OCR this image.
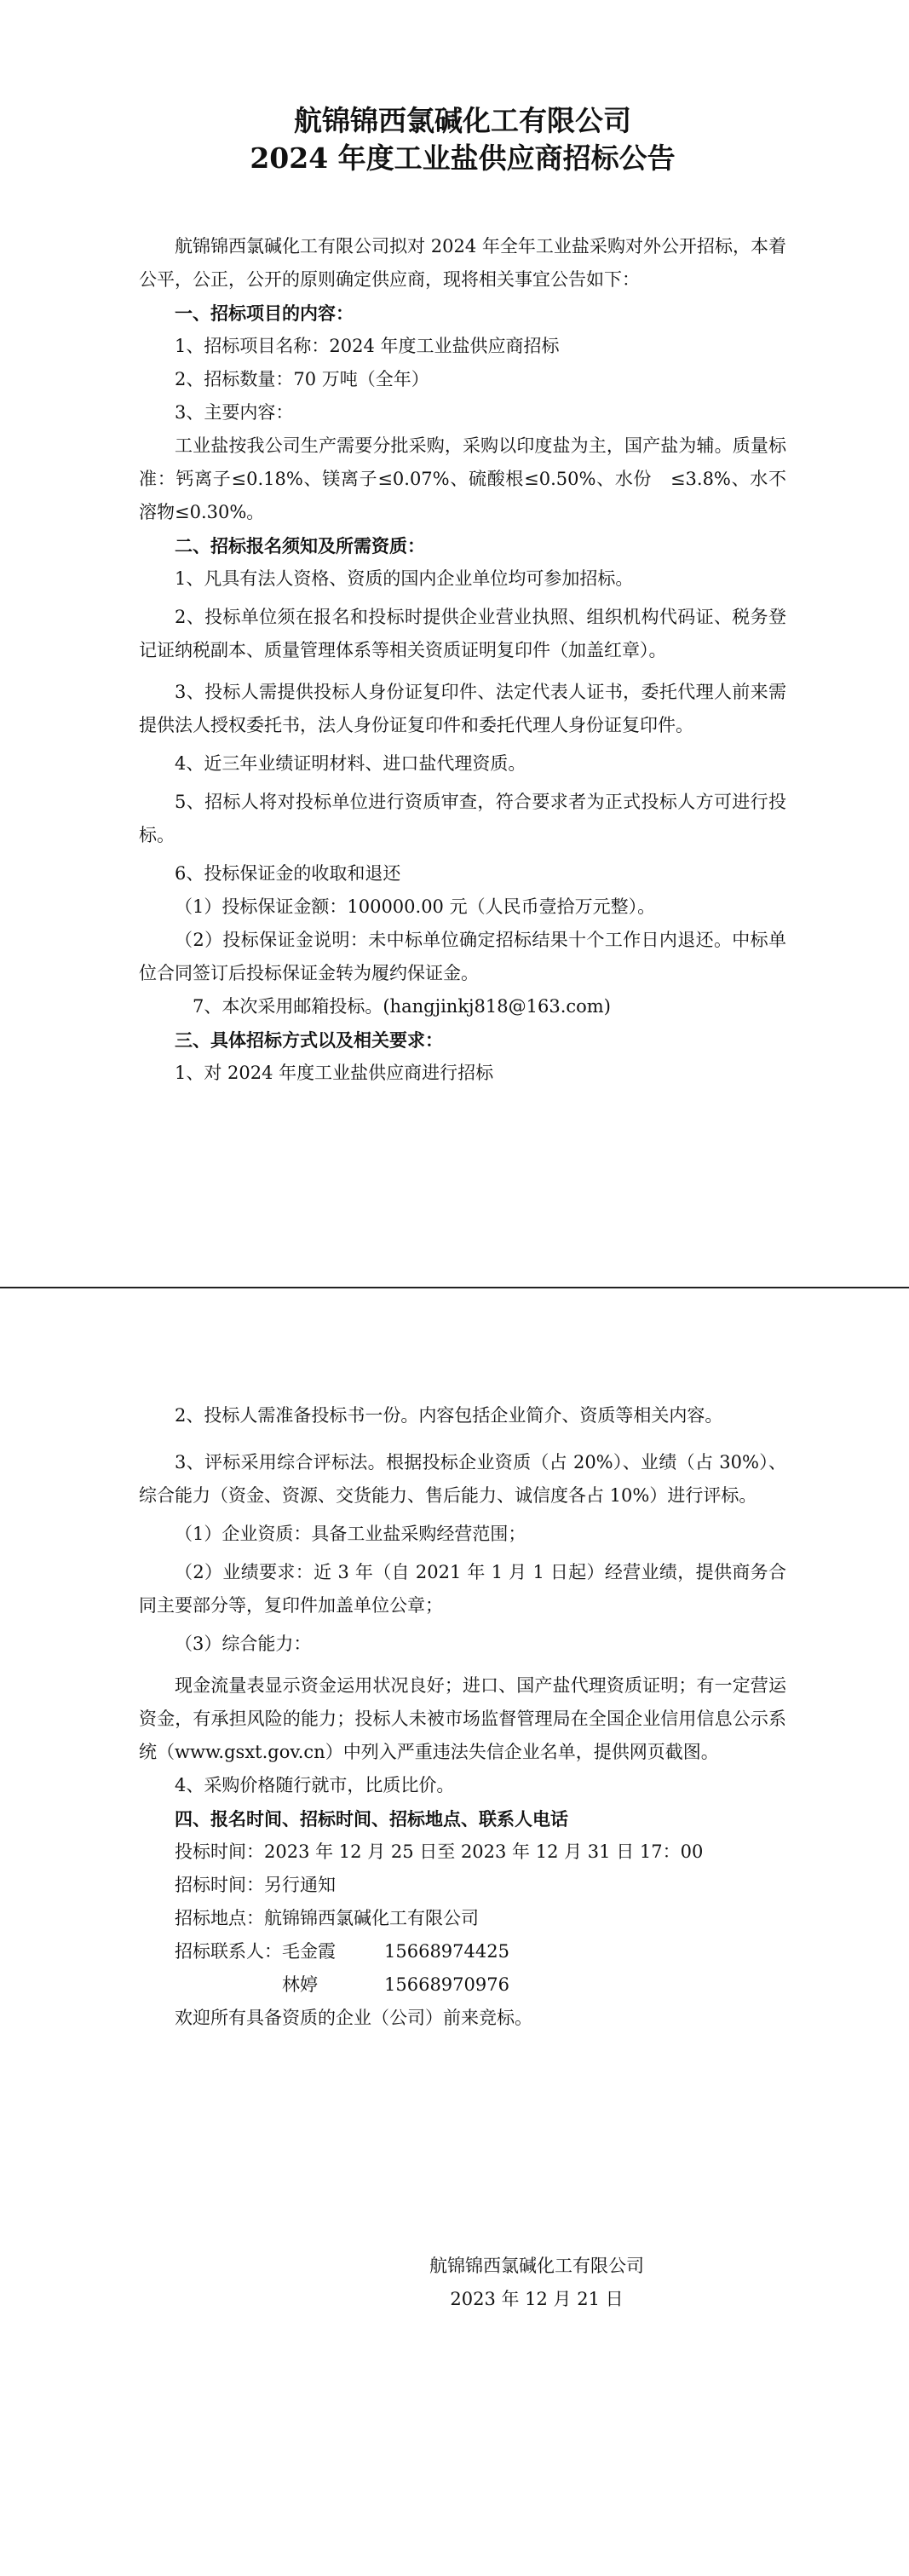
航锦锦西氯碱化工有限公司

2024 年度工业盐供应商招标公告

航锦锦西氯碱化工有限公司拟对 2024 年全年工业盐采购对外公开招标，本着公平，公正，公开的原则确定供应商，现将相关事宜公告如下：

一、招标项目的内容：

1、招标项目名称：2024 年度工业盐供应商招标

2、招标数量：70 万吨（全年）

3、主要内容：

工业盐按我公司生产需要分批采购，采购以印度盐为主，国产盐为辅。质量标准：钙离子≤0.18%、镁离子≤0.07%、硫酸根≤0.50%、水份　≤3.8%、水不溶物≤0.30%。

二、招标报名须知及所需资质：

1、凡具有法人资格、资质的国内企业单位均可参加招标。

2、投标单位须在报名和投标时提供企业营业执照、组织机构代码证、税务登记证纳税副本、质量管理体系等相关资质证明复印件（加盖红章）。

3、投标人需提供投标人身份证复印件、法定代表人证书，委托代理人前来需提供法人授权委托书，法人身份证复印件和委托代理人身份证复印件。

4、近三年业绩证明材料、进口盐代理资质。

5、招标人将对投标单位进行资质审查，符合要求者为正式投标人方可进行投标。

6、投标保证金的收取和退还

（1）投标保证金额：100000.00 元（人民币壹拾万元整）。

（2）投标保证金说明：未中标单位确定招标结果十个工作日内退还。中标单位合同签订后投标保证金转为履约保证金。

7、本次采用邮箱投标。(hangjinkj818@163.com)

三、具体招标方式以及相关要求：

1、对 2024 年度工业盐供应商进行招标

2、投标人需准备投标书一份。内容包括企业简介、资质等相关内容。

3、评标采用综合评标法。根据投标企业资质（占 20%）、业绩（占 30%）、综合能力（资金、资源、交货能力、售后能力、诚信度各占 10%）进行评标。

（1）企业资质：具备工业盐采购经营范围；

（2）业绩要求：近 3 年（自 2021 年 1 月 1 日起）经营业绩，提供商务合同主要部分等，复印件加盖单位公章；

（3）综合能力：

现金流量表显示资金运用状况良好；进口、国产盐代理资质证明；有一定营运资金，有承担风险的能力；投标人未被市场监督管理局在全国企业信用信息公示系统（www.gsxt.gov.cn）中列入严重违法失信企业名单，提供网页截图。

4、采购价格随行就市，比质比价。

四、报名时间、招标时间、招标地点、联系人电话

投标时间：2023 年 12 月 25 日至 2023 年 12 月 31 日 17：00

招标时间：另行通知

招标地点：航锦锦西氯碱化工有限公司

招标联系人：毛金霞	15668974425
林婷	15668970976

欢迎所有具备资质的企业（公司）前来竞标。

航锦锦西氯碱化工有限公司
2023 年 12 月 21 日
